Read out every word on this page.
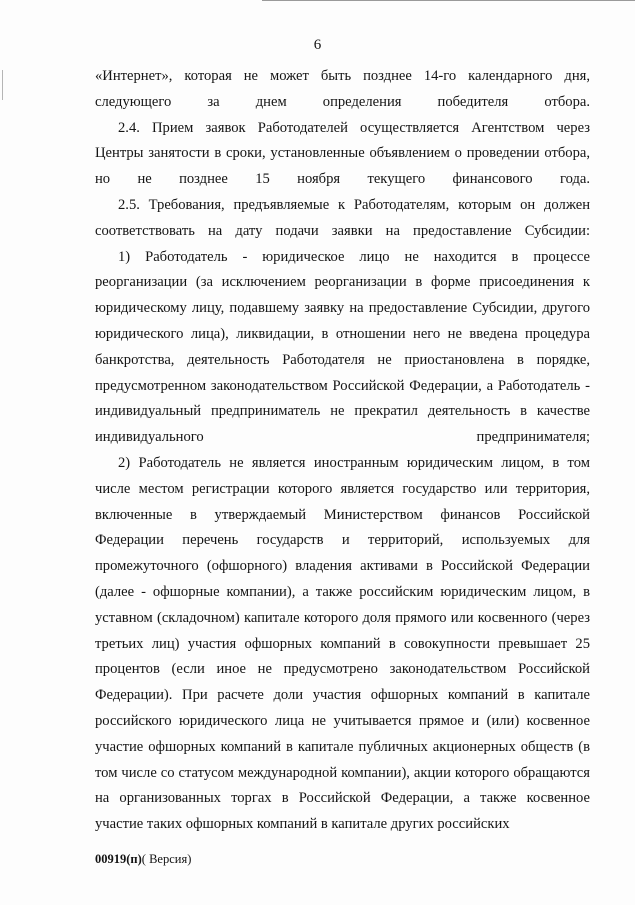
6

«Интернет», которая не может быть позднее 14-го календарного дня, следующего за днем определения победителя отбора.

2.4. Прием заявок Работодателей осуществляется Агентством через Центры занятости в сроки, установленные объявлением о проведении отбора, но не позднее 15 ноября текущего финансового года.

2.5. Требования, предъявляемые к Работодателям, которым он должен соответствовать на дату подачи заявки на предоставление Субсидии:

1) Работодатель - юридическое лицо не находится в процессе реорганизации (за исключением реорганизации в форме присоединения к юридическому лицу, подавшему заявку на предоставление Субсидии, другого юридического лица), ликвидации, в отношении него не введена процедура банкротства, деятельность Работодателя не приостановлена в порядке, предусмотренном законодательством Российской Федерации, а Работодатель - индивидуальный предприниматель не прекратил деятельность в качестве индивидуального предпринимателя;

2) Работодатель не является иностранным юридическим лицом, в том числе местом регистрации которого является государство или территория, включенные в утверждаемый Министерством финансов Российской Федерации перечень государств и территорий, используемых для промежуточного (офшорного) владения активами в Российской Федерации (далее - офшорные компании), а также российским юридическим лицом, в уставном (складочном) капитале которого доля прямого или косвенного (через третьих лиц) участия офшорных компаний в совокупности превышает 25 процентов (если иное не предусмотрено законодательством Российской Федерации). При расчете доли участия офшорных компаний в капитале российского юридического лица не учитывается прямое и (или) косвенное участие офшорных компаний в капитале публичных акционерных обществ (в том числе со статусом международной компании), акции которого обращаются на организованных торгах в Российской Федерации, а также косвенное участие таких офшорных компаний в капитале других российских

00919(п)( Версия)
